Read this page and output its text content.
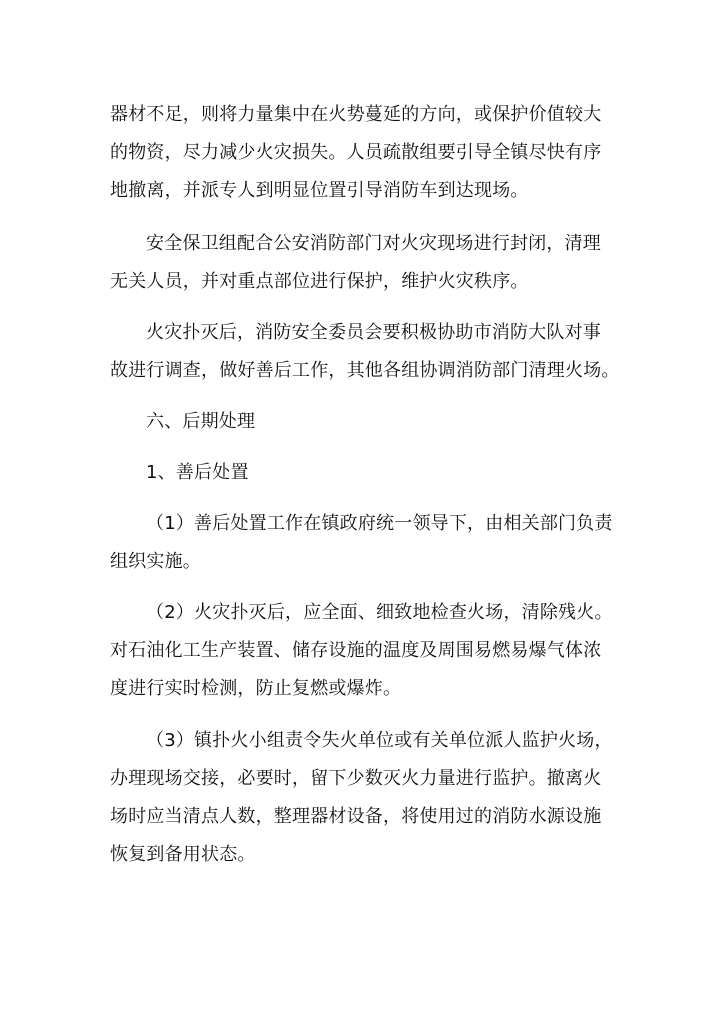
器材不足，则将力量集中在火势蔓延的方向，或保护价值较大
的物资，尽力减少火灾损失。人员疏散组要引导全镇尽快有序
地撤离，并派专人到明显位置引导消防车到达现场。
安全保卫组配合公安消防部门对火灾现场进行封闭，清理
无关人员，并对重点部位进行保护，维护火灾秩序。
火灾扑灭后，消防安全委员会要积极协助市消防大队对事
故进行调查，做好善后工作，其他各组协调消防部门清理火场。
六、后期处理
1、善后处置
（1）善后处置工作在镇政府统一领导下，由相关部门负责
组织实施。
（2）火灾扑灭后，应全面、细致地检查火场，清除残火。
对石油化工生产装置、储存设施的温度及周围易燃易爆气体浓
度进行实时检测，防止复燃或爆炸。
（3）镇扑火小组责令失火单位或有关单位派人监护火场，
办理现场交接，必要时，留下少数灭火力量进行监护。撤离火
场时应当清点人数，整理器材设备，将使用过的消防水源设施
恢复到备用状态。
